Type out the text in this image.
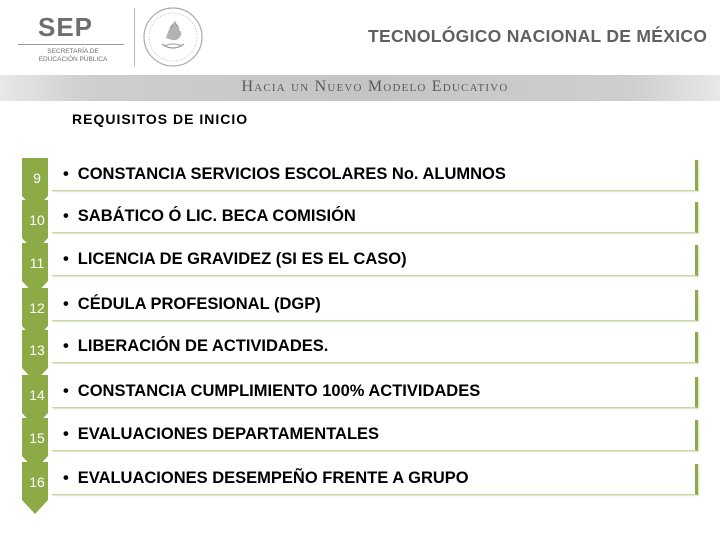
SEP
SECRETARÍA DE
EDUCACIÓN PÚBLICA
TECNOLÓGICO NACIONAL DE MÉXICO
Hacia un Nuevo Modelo Educativo
REQUISITOS DE INICIO
9	• CONSTANCIA SERVICIOS ESCOLARES No. ALUMNOS
10	• SABÁTICO Ó LIC. BECA COMISIÓN
11	• LICENCIA DE GRAVIDEZ (SI ES EL CASO)
12	• CÉDULA PROFESIONAL (DGP)
13	• LIBERACIÓN DE ACTIVIDADES.
14	• CONSTANCIA CUMPLIMIENTO 100% ACTIVIDADES
15	• EVALUACIONES DEPARTAMENTALES
16	• EVALUACIONES DESEMPEÑO FRENTE A GRUPO
